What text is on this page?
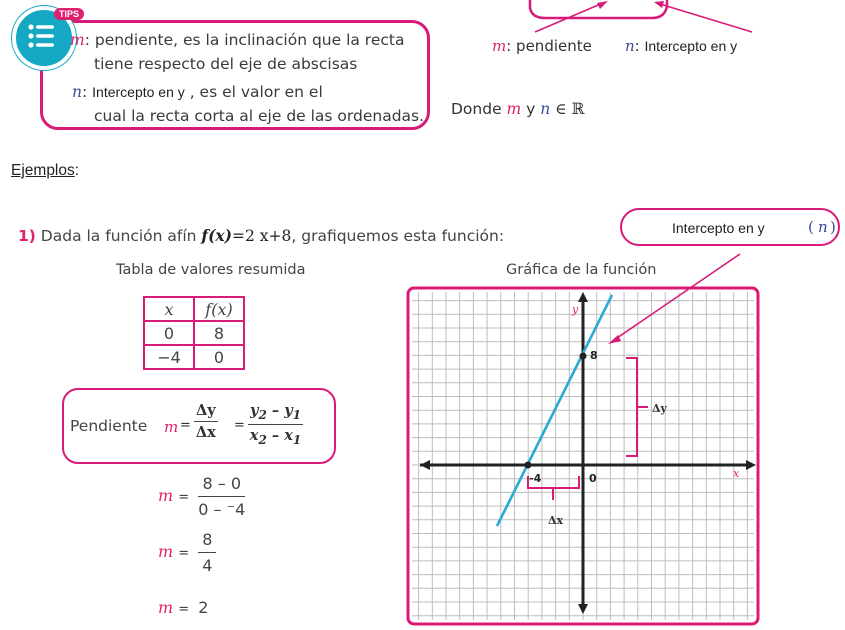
TIPS
m: pendiente, es la inclinación que la recta
tiene respecto del eje de abscisas
n: Intercepto en y , es el valor en el
cual la recta corta al eje de las ordenadas.
m: pendiente n: Intercepto en y
Donde m y n ∈ ℝ
Ejemplos:
1) Dada la función afín f(x)=2 x+8, grafiquemos esta función:	Intercepto en y	( n )
Tabla de valores resumida
x	f(x)
0	8
−4	0
Pendiente $m = \frac{\Delta y}{\Delta x} = \frac{y_2 - y_1}{x_2 - x_1}$
$m = \frac{8 - 0}{0 - ^-4}$
$m = \frac{8}{4}$
m = 2
Gráfica de la función
y
x
8
0
-4
Δy
Δx
